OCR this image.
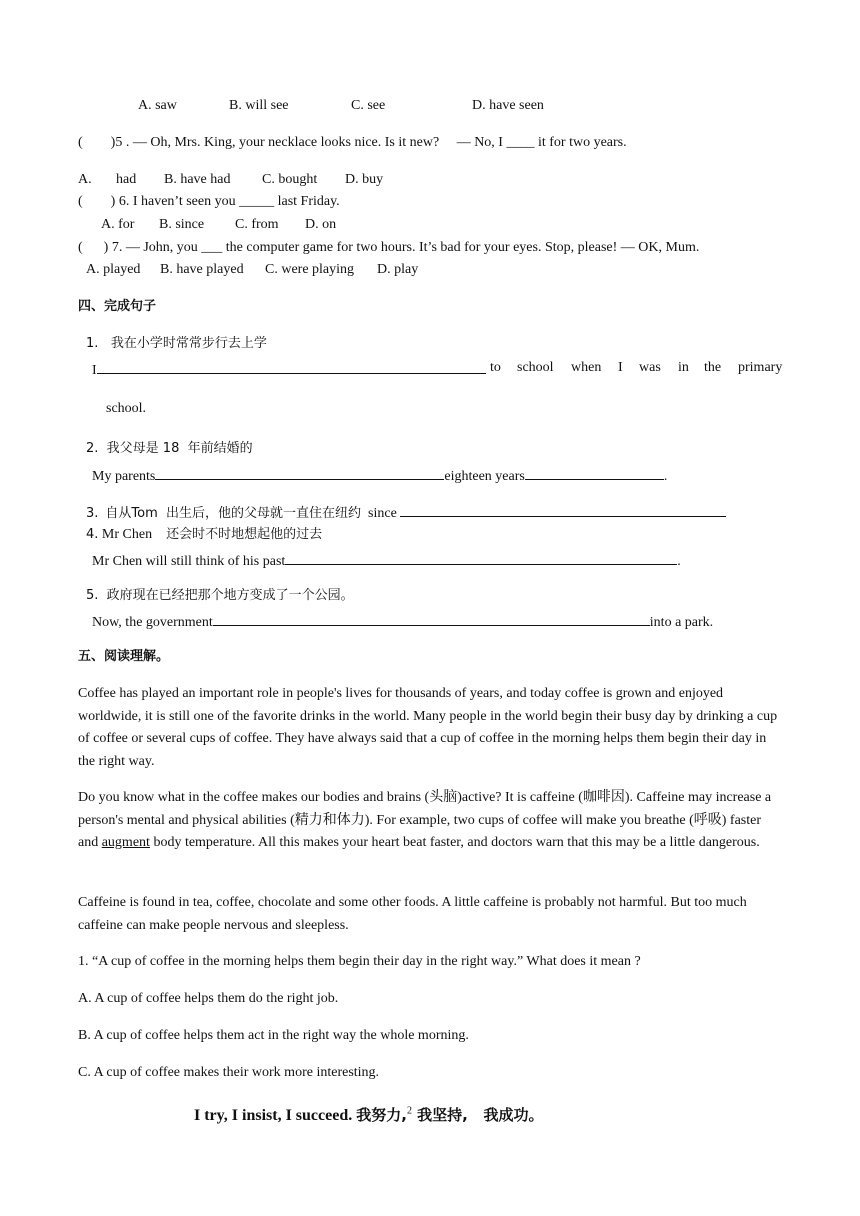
A. saw	B. will see	C. see	D. have seen
(        )5 . — Oh, Mrs. King, your necklace looks nice. Is it new?     — No, I ____ it for two years.
A. had B. have had C. bought D. buy
(        ) 6. I haven’t seen you _____ last Friday.
A. for B. since C. from D. on
(      ) 7. — John, you ___ the computer game for two hours. It’s bad for your eyes. Stop, please! — OK, Mum.
A. played B. have played C. were playing D. play
四、完成句子
1. 我在小学时常常步行去上学
I	to school when I was in the primary
school.
2. 我父母是 18  年前结婚的
My parents	eighteen years	.
3. 自从Tom  出生后，他的父母就一直住在纽约 since
4. Mr Chen 还会时不时地想起他的过去
Mr Chen will still think of his past	.
5. 政府现在已经把那个地方变成了一个公园。
Now, the government	into a park.
五、阅读理解。
Coffee has played an important role in people's lives for thousands of years, and today coffee is grown and enjoyed worldwide, it is still one of the favorite drinks in the world. Many people in the world begin their busy day by drinking a cup of coffee or several cups of coffee. They have always said that a cup of coffee in the morning helps them begin their day in the right way.
Do you know what in the coffee makes our bodies and brains (头脑)active? It is caffeine (咖啡因). Caffeine may increase a person's mental and physical abilities (精力和体力). For example, two cups of coffee will make you breathe (呼吸) faster and augment body temperature. All this makes your heart beat faster, and doctors warn that this may be a little dangerous.
Caffeine is found in tea, coffee, chocolate and some other foods. A little caffeine is probably not harmful. But too much caffeine can make people nervous and sleepless.
1. “A cup of coffee in the morning helps them begin their day in the right way.” What does it mean ?
A. A cup of coffee helps them do the right job.
B. A cup of coffee helps them act in the right way the whole morning.
C. A cup of coffee makes their work more interesting.
I try, I insist, I succeed. 我努力,$^2$ 我坚持,   我成功。
